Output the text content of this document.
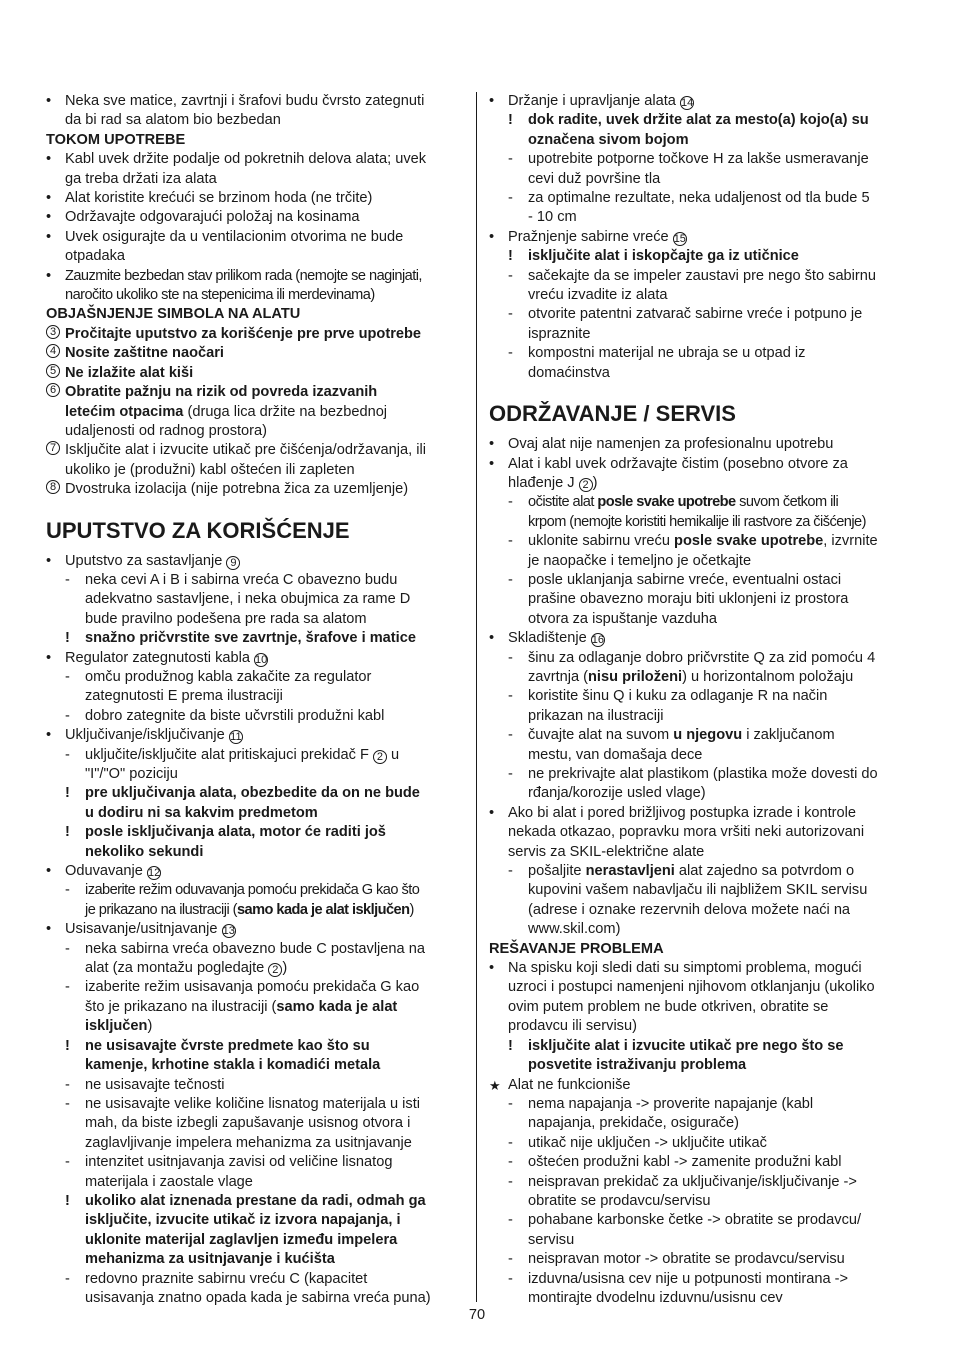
• Neka sve matice, zavrtnji i šrafovi budu čvrsto zategnuti
da bi rad sa alatom bio bezbedan
TOKOM UPOTREBE
• Kabl uvek držite podalje od pokretnih delova alata; uvek
ga treba držati iza alata
• Alat koristite krećući se brzinom hoda (ne trčite)
• Održavajte odgovarajući položaj na kosinama
• Uvek osigurajte da u ventilacionim otvorima ne bude
otpadaka
• Zauzmite bezbedan stav prilikom rada (nemojte se naginjati,
naročito ukoliko ste na stepenicima ili merdevinama)
OBJAŠNJENJE SIMBOLA NA ALATU
3 Pročitajte uputstvo za korišćenje pre prve upotrebe
4 Nosite zaštitne naočari
5 Ne izlažite alat kiši
6 Obratite pažnju na rizik od povreda izazvanih
letećim otpacima (druga lica držite na bezbednoj
udaljenosti od radnog prostora)
7 Isključite alat i izvucite utikač pre čišćenja/održavanja, ili
ukoliko je (produžni) kabl oštećen ili zapleten
8 Dvostruka izolacija (nije potrebna žica za uzemljenje)
UPUTSTVO ZA KORIŠĆENJE
• Uputstvo za sastavljanje 9
- neka cevi A i B i sabirna vreća C obavezno budu
adekvatno sastavljene, i neka obujmica za rame D
bude pravilno podešena pre rada sa alatom
! snažno pričvrstite sve zavrtnje, šrafove i matice
• Regulator zategnutosti kabla 10
- omču produžnog kabla zakačite za regulator
zategnutosti E prema ilustraciji
- dobro zategnite da biste učvrstili produžni kabl
• Uključivanje/isključivanje 11
- uključite/isključite alat pritiskajuci prekidač F 2 u
"I"/"O" poziciju
! pre uključivanja alata, obezbedite da on ne bude
u dodiru ni sa kakvim predmetom
! posle isključivanja alata, motor će raditi još
nekoliko sekundi
• Oduvavanje 12
- izaberite režim oduvavanja pomoću prekidača G kao što
je prikazano na ilustraciji (samo kada je alat isključen)
• Usisavanje/usitnjavanje 13
- neka sabirna vreća obavezno bude C postavljena na
alat (za montažu pogledajte 2 )
- izaberite režim usisavanja pomoću prekidača G kao
što je prikazano na ilustraciji (samo kada je alat
isključen)
! ne usisavajte čvrste predmete kao što su
kamenje, krhotine stakla i komadići metala
- ne usisavajte tečnosti
- ne usisavajte velike količine lisnatog materijala u isti
mah, da biste izbegli zapušavanje usisnog otvora i
zaglavljivanje impelera mehanizma za usitnjavanje
- intenzitet usitnjavanja zavisi od veličine lisnatog
materijala i zaostale vlage
! ukoliko alat iznenada prestane da radi, odmah ga
isključite, izvucite utikač iz izvora napajanja, i
uklonite materijal zaglavljen između impelera
mehanizma za usitnjavanje i kućišta
- redovno praznite sabirnu vreću C (kapacitet
usisavanja znatno opada kada je sabirna vreća puna)
• Držanje i upravljanje alata 14
! dok radite, uvek držite alat za mesto(a) kojo(a) su
označena sivom bojom
- upotrebite potporne točkove H za lakše usmeravanje
cevi duž površine tla
- za optimalne rezultate, neka udaljenost od tla bude 5
- 10 cm
• Pražnjenje sabirne vreće 15
! isključite alat i iskopčajte ga iz utičnice
- sačekajte da se impeler zaustavi pre nego što sabirnu
vreću izvadite iz alata
- otvorite patentni zatvarač sabirne vreće i potpuno je
ispraznite
- kompostni materijal ne ubraja se u otpad iz
domaćinstva
ODRŽAVANJE / SERVIS
• Ovaj alat nije namenjen za profesionalnu upotrebu
• Alat i kabl uvek održavajte čistim (posebno otvore za
hlađenje J 2 )
- očistite alat posle svake upotrebe suvom četkom ili
krpom (nemojte koristiti hemikalije ili rastvore za čišćenje)
- uklonite sabirnu vreću posle svake upotrebe, izvrnite
je naopačke i temeljno je očetkajte
- posle uklanjanja sabirne vreće, eventualni ostaci
prašine obavezno moraju biti uklonjeni iz prostora
otvora za ispuštanje vazduha
• Skladištenje 16
- šinu za odlaganje dobro pričvrstite Q za zid pomoću 4
zavrtnja (nisu priloženi) u horizontalnom položaju
- koristite šinu Q i kuku za odlaganje R na način
prikazan na ilustraciji
- čuvajte alat na suvom u njegovu i zaključanom
mestu, van domašaja dece
- ne prekrivajte alat plastikom (plastika može dovesti do
rđanja/korozije usled vlage)
• Ako bi alat i pored brižljivog postupka izrade i kontrole
nekada otkazao, popravku mora vršiti neki autorizovani
servis za SKIL-električne alate
- pošaljite nerastavljeni alat zajedno sa potvrdom o
kupovini vašem nabavljaču ili najbližem SKIL servisu
(adrese i oznake rezervnih delova možete naći na
www.skil.com)
REŠAVANJE PROBLEMA
• Na spisku koji sledi dati su simptomi problema, mogući
uzroci i postupci namenjeni njihovom otklanjanju (ukoliko
ovim putem problem ne bude otkriven, obratite se
prodavcu ili servisu)
! isključite alat i izvucite utikač pre nego što se
posvetite istraživanju problema
★ Alat ne funkcioniše
- nema napajanja -> proverite napajanje (kabl
napajanja, prekidače, osigurače)
- utikač nije uključen -> uključite utikač
- oštećen produžni kabl -> zamenite produžni kabl
- neispravan prekidač za uključivanje/isključivanje ->
obratite se prodavcu/servisu
- pohabane karbonske četke -> obratite se prodavcu/
servisu
- neispravan motor -> obratite se prodavcu/servisu
- izduvna/usisna cev nije u potpunosti montirana ->
montirajte dvodelnu izduvnu/usisnu cev
70
